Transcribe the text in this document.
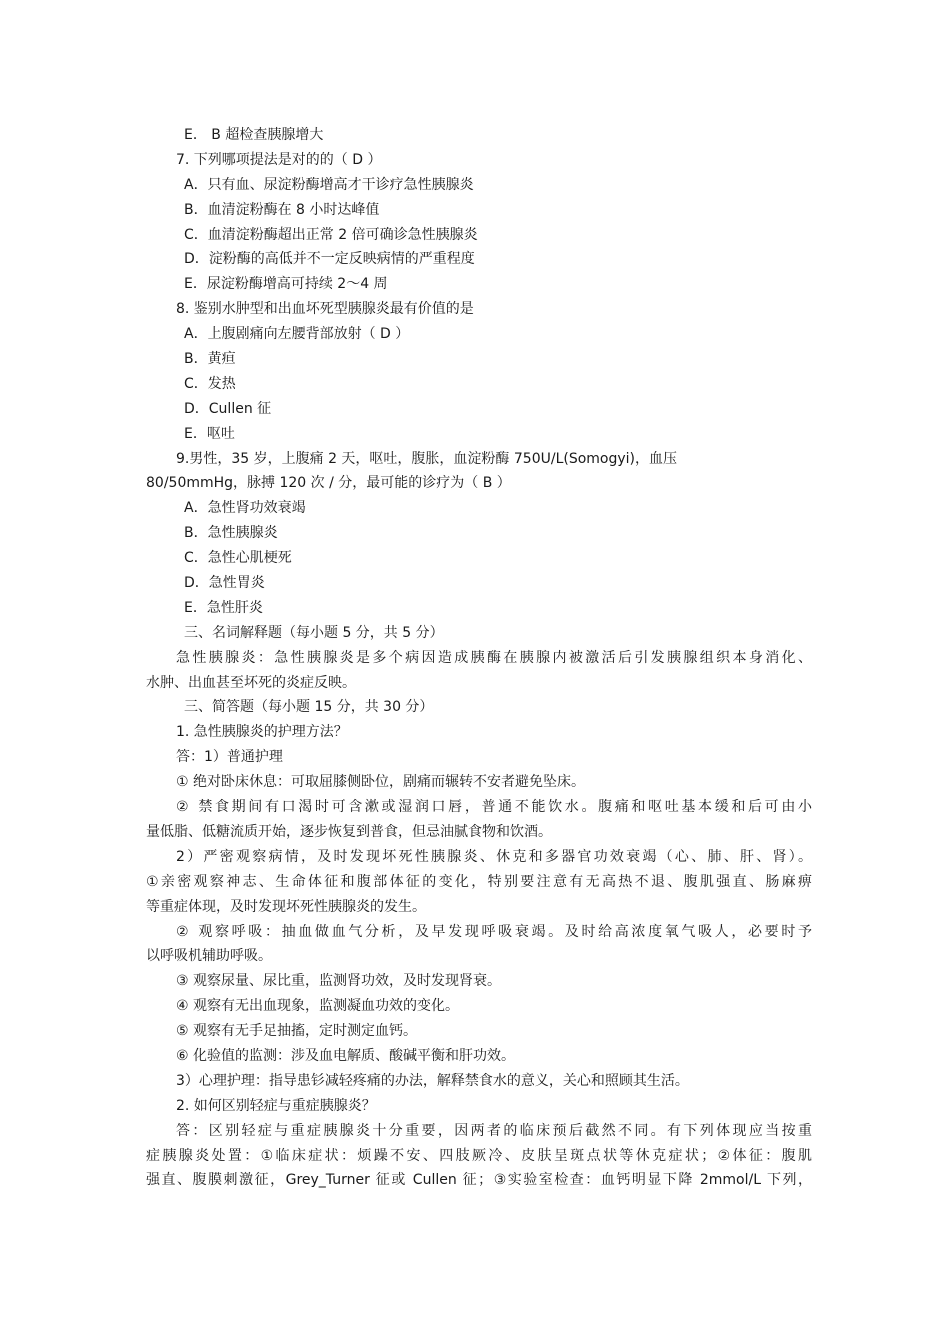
E． B 超检查胰腺增大
7. 下列哪项提法是对的的（ D ）
A．只有血、尿淀粉酶增高才干诊疗急性胰腺炎
B．血清淀粉酶在 8 小时达峰值
C．血清淀粉酶超出正常 2 倍可确诊急性胰腺炎
D．淀粉酶的高低并不一定反映病情的严重程度
E．尿淀粉酶增高可持续 2～4 周
8. 鉴别水肿型和出血坏死型胰腺炎最有价值的是
A．上腹剧痛向左腰背部放射（ D ）
B．黄疸
C．发热
D．Cullen 征
E．呕吐
9.男性，35 岁，上腹痛 2 天，呕吐，腹胀，血淀粉酶 750U/L(Somogyi)，血压
80/50mmHg，脉搏 120 次 / 分，最可能的诊疗为（ B ）
A．急性肾功效衰竭
B．急性胰腺炎
C．急性心肌梗死
D．急性胃炎
E．急性肝炎
三、名词解释题（每小题 5 分，共 5 分）
急性胰腺炎：急性胰腺炎是多个病因造成胰酶在胰腺内被激活后引发胰腺组织本身消化、
水肿、出血甚至坏死的炎症反映。
三、简答题（每小题 15 分，共 30 分）
1. 急性胰腺炎的护理方法？
答：1）普通护理
① 绝对卧床休息：可取屈膝侧卧位，剧痛而辗转不安者避免坠床。
② 禁食期间有口渴时可含漱或湿润口唇，普通不能饮水。腹痛和呕吐基本缓和后可由小
量低脂、低糖流质开始，逐步恢复到普食，但忌油腻食物和饮酒。
2）严密观察病情，及时发现坏死性胰腺炎、休克和多器官功效衰竭（心、肺、肝、肾）。
①亲密观察神志、生命体征和腹部体征的变化，特别要注意有无高热不退、腹肌强直、肠麻痹
等重症体现，及时发现坏死性胰腺炎的发生。
② 观察呼吸：抽血做血气分析，及早发现呼吸衰竭。及时给高浓度氧气吸人，必要时予
以呼吸机辅助呼吸。
③ 观察尿量、尿比重，监测肾功效，及时发现肾衰。
④ 观察有无出血现象，监测凝血功效的变化。
⑤ 观察有无手足抽搐，定时测定血钙。
⑥ 化验值的监测：涉及血电解质、酸碱平衡和肝功效。
3）心理护理：指导患钐减轻疼痛的办法，解释禁食水的意义，关心和照顾其生活。
2. 如何区别轻症与重症胰腺炎？
答：区别轻症与重症胰腺炎十分重要，因两者的临床预后截然不同。有下列体现应当按重
症胰腺炎处置：①临床症状：烦躁不安、四肢厥冷、皮肤呈斑点状等休克症状；②体征：腹肌
强直、腹膜刺激征，Grey_Turner 征或 Cullen 征；③实验室检查：血钙明显下降 2mmol/L 下列，
